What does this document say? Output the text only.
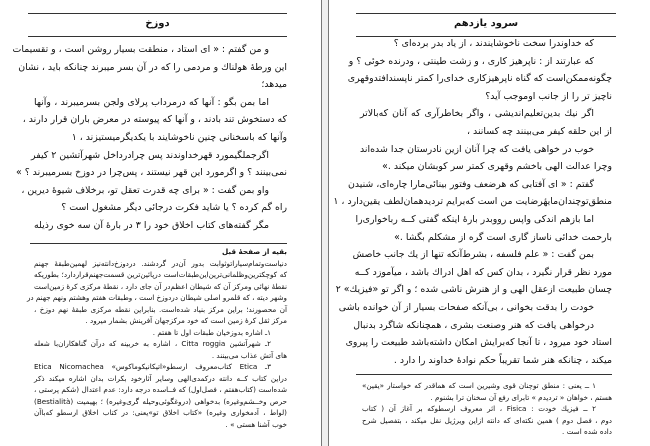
دوزخ
و من گفتم : « ای استاد ، منطقت بسیار روشن است ، و تقسیمات
این ورطهٔ هولناك و مردمی را که در آن بسر میبرند چنانکه باید ، نشان
میدهد؛
اما بمن بگو : آنها که درمرداب پرلای ولجن بسرمیبرند ، وآنها
که دستخوش تند بادند ، و آنها که پیوسته در معرض باران قرار دارند ،
وآنها که باسخنانی چنین ناخوشایند با یکدیگرمیستیزند ، ۱
اگرجملگیمورد قهرخداوندند پس چرادرداخل شهرآتشین ۲ کیفر
نمی‌بینند ؟ و اگرمورد این قهر نیستند ، پس‌چرا در دوزخ بسرمیبرند ؟ »
واو بمن گفت : « برای چه قدرت تعقل تو، برخلاف شیوهٔ دیرین ،
راه گم کرده ؟ یا شاید فکرت درجائی دیگر مشغول است ؟
مگر گفته‌های کتاب اخلاق خود را ۳ در بارهٔ آن سه خوی رذیله
بقیه از صفحهٔ قبل
دنیاست‌وتمام‌سیاراتوثوابت بدور آن‌در گردشند. در‌دوزخ‌دانته‌نیز لهمین‌طبقهٔ جهنم
که کوچکترین‌وظلمانی‌ترین‌این‌طبقات‌است درپائین‌ترین قسمت‌جهنم‌قراردارد؛ بطوریکه
نقطهٔ نهائی ومرکز آن که شیطان اعظم‌در آن جای دارد ، نقطهٔ مرکزی کرهٔ زمین‌است
وشهر دیته ، که قلمرو اصلی شیطان دردوزخ است ، وطبقات هفتم وهشتم ونهم جهنم در
آن محصورند؛ براین مرکز بنیاد شده‌است. بنابراین نقطه مرکزی طبقهٔ نهم دوزخ ،
مرکز ثقل کرهٔ زمین است که خود مرکزجهان آفرینش بشمار میرود .
۱ـ اشاره بدوزخیان طبقات اول تا هفتم .
۲ـ شهرآتشین Citta roggia ، اشاره به خربینه‌ که درآن گناهکاران‌با شعله
های آتش عذاب می‌بینند .
۳ـ Etica کتاب‌معروف ارسطو«اتیکانیکوماکوس» Etica Nicomachea
دراین کتاب کــه دانته درکمدی‌الهی وسایر آثارخود بکرات بدان اشاره میکند ذکر
شده‌است (کتاب‌هفتم ، فصل‌اول) که فــاسده درجه دارد: عدم اعتدال (شکم پرستی ،
حرص وخــشم‌وغیره) بدخواهی (دروغگوئی‌وحیله گری‌وغیره) ؛ بهیمیت (Bestialità)
(لواط ، آدمخواری وغیره) «کتاب اخلاق تو»یعنی: در کتاب اخلاق ارسطو که‌باآن
خوب آشنا هستی » .
سرود یازدهم
که خداوندرا سخت ناخوشایندند ، از یاد بدر برده‌ای ؟
که عبارتند از : ناپرهیز کاری ، و زشت طینتی ، ودرنده خوئی ؟ و
چگونه‌ممکن‌است که گناه ناپرهیزکاری خدای‌را کمتر ناپسندافتدوقهری
ناچیز تر را از جانب اوموجب آید؟
اگر نیك بدین‌تعلیم‌اندیشی ، واگر بخاطرآری که آنان که‌بالاتر
از این حلقه کیفر می‌بینند چه کسانند ،
خوب در خواهی یافت که چرا آنان ازین نادرستان جدا شده‌اند
وچرا عدالت الهی باخشم وقهری کمتر سر کوبشان میکند .»
گفتم : « ای آفتابی که هرضعف وفتور بینائی‌مارا چاره‌ای، شنیدن
منطق‌توچندان‌مایهٔرضایت من است که‌برایم تردیدهمان‌لطف یقین‌دارد ، ۱
اما بازهم اندکی واپس رووبدر بارهٔ اینکه گفتی کــه رباخواری‌را
بارحمت خدائی ناساز گاری است گره از مشکلم بگشا .»
بمن گفت : « علم فلسفه ، بشرط‌آنکه تنها از یك جانب خاصش
مورد نظر قرار نگیرد ، بدان کس که اهل ادراك باشد ، میآموزد کــه
چسان طبیعت ازعقل الهی و از هنرش ناشی شده ؛ و اگر تو «فیزیك» ۲
خودت را بدقت بخوانی ، بی‌آنکه صفحات بسیار از آن خوانده باشی
درخواهی یافت که هنر وصنعت بشری ، همچنانکه شاگرد بدنبال
استاد خود میرود ، تا آنجا که‌برایش امکان داشته‌باشد طبیعت را پیروی
میکند ، چنانکه هنر شما تقریباً حکم نوادهٔ خداوند را دارد .
۱ ــ یعنی : منطق توچنان قوی وشیرین است که هماقدر که خواستار «یقین»
هستم ، خواهان « تردیدم » تابرای رفع آن سخنان ترا بشنوم .
۲ ــ فیزیك خودت : Fisica ، اثر معروف ارسطوکه بر آغاز آن ( کتاب
دوم ، فصل دوم ) همین نکته‌ای که دانته ازاین ویرژیل نقل میکند ، بتفصیل شرح
داده شده است .
